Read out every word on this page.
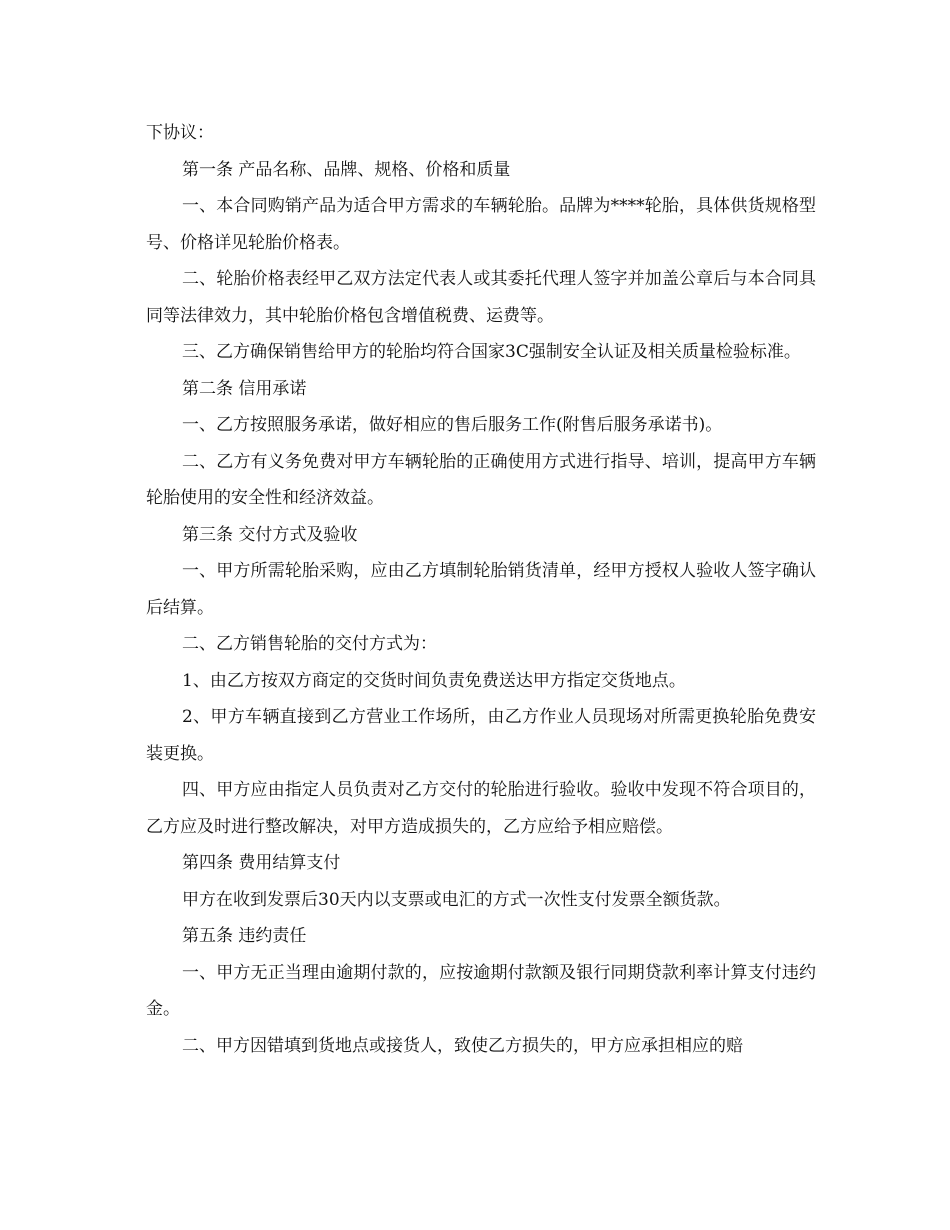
下协议：

第一条 产品名称、品牌、规格、价格和质量

一、本合同购销产品为适合甲方需求的车辆轮胎。品牌为****轮胎，具体供货规格型号、价格详见轮胎价格表。

二、轮胎价格表经甲乙双方法定代表人或其委托代理人签字并加盖公章后与本合同具同等法律效力，其中轮胎价格包含增值税费、运费等。

三、乙方确保销售给甲方的轮胎均符合国家3C强制安全认证及相关质量检验标准。

第二条 信用承诺

一、乙方按照服务承诺，做好相应的售后服务工作(附售后服务承诺书)。

二、乙方有义务免费对甲方车辆轮胎的正确使用方式进行指导、培训，提高甲方车辆轮胎使用的安全性和经济效益。

第三条 交付方式及验收

一、甲方所需轮胎采购，应由乙方填制轮胎销货清单，经甲方授权人验收人签字确认后结算。

二、乙方销售轮胎的交付方式为：

1、由乙方按双方商定的交货时间负责免费送达甲方指定交货地点。

2、甲方车辆直接到乙方营业工作场所，由乙方作业人员现场对所需更换轮胎免费安装更换。

四、甲方应由指定人员负责对乙方交付的轮胎进行验收。验收中发现不符合项目的，乙方应及时进行整改解决，对甲方造成损失的，乙方应给予相应赔偿。

第四条 费用结算支付

甲方在收到发票后30天内以支票或电汇的方式一次性支付发票全额货款。

第五条 违约责任

一、甲方无正当理由逾期付款的，应按逾期付款额及银行同期贷款利率计算支付违约金。

二、甲方因错填到货地点或接货人，致使乙方损失的，甲方应承担相应的赔
